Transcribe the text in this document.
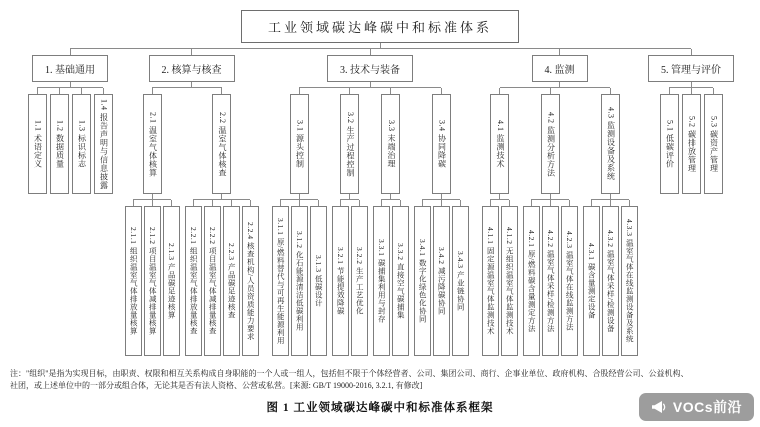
工业领域碳达峰碳中和标准体系
1. 基础通用
1.1 术语定义	1.2 数据质量	1.3 标识标志	1.4 报告声明与信息披露
2. 核算与核查
2.1 温室气体核算
2.1.1 组织温室气体排放量核算	2.1.2 项目温室气体减排量核算	2.1.3 产品碳足迹核算
2.2 温室气体核查
2.2.1 组织温室气体排放量核查	2.2.2 项目温室气体减排量核查	2.2.3 产品碳足迹核查	2.2.4 核查机构/人员资质能力要求
3. 技术与装备
3.1 源头控制
3.1.1 原/燃料替代与可再生能源利用	3.1.2 化石能源清洁低碳利用	3.1.3 低碳设计
3.2 生产过程控制
3.2.1 节能提效降碳	3.2.2 生产工艺优化
3.3 末端治理
3.3.1 碳捕集利用与封存	3.3.2 直接空气碳捕集
3.4 协同降碳
3.4.1 数字化绿色化协同	3.4.2 减污降碳协同	3.4.3 产业链协同
4. 监测
4.1 监测技术
4.1.1 固定源温室气体监测技术	4.1.2 无组织温室气体监测技术
4.2 监测分析方法
4.2.1 原/燃料碳含量测定方法	4.2.2 温室气体采样/检测方法	4.2.3 温室气体在线监测方法
4.3 监测设备及系统
4.3.1 碳含量测定设备	4.3.2 温室气体采样/检测设备	4.3.3 温室气体在线监测设备及系统
5. 管理与评价
5.1 低碳评价	5.2 碳排放管理	5.3 碳资产管理
注："组织"是指为实现目标，由职责、权限和相互关系构成自身职能的一个人或一组人，包括但不限于个体经营者、公司、集团公司、商行、企事业单位、政府机构、合股经营公司、公益机构、
社团，或上述单位中的一部分或组合体，无论其是否有法人资格、公营或私营。[来源: GB/T 19000-2016, 3.2.1, 有修改]
图 1 工业领域碳达峰碳中和标准体系框架	VOCs前沿
